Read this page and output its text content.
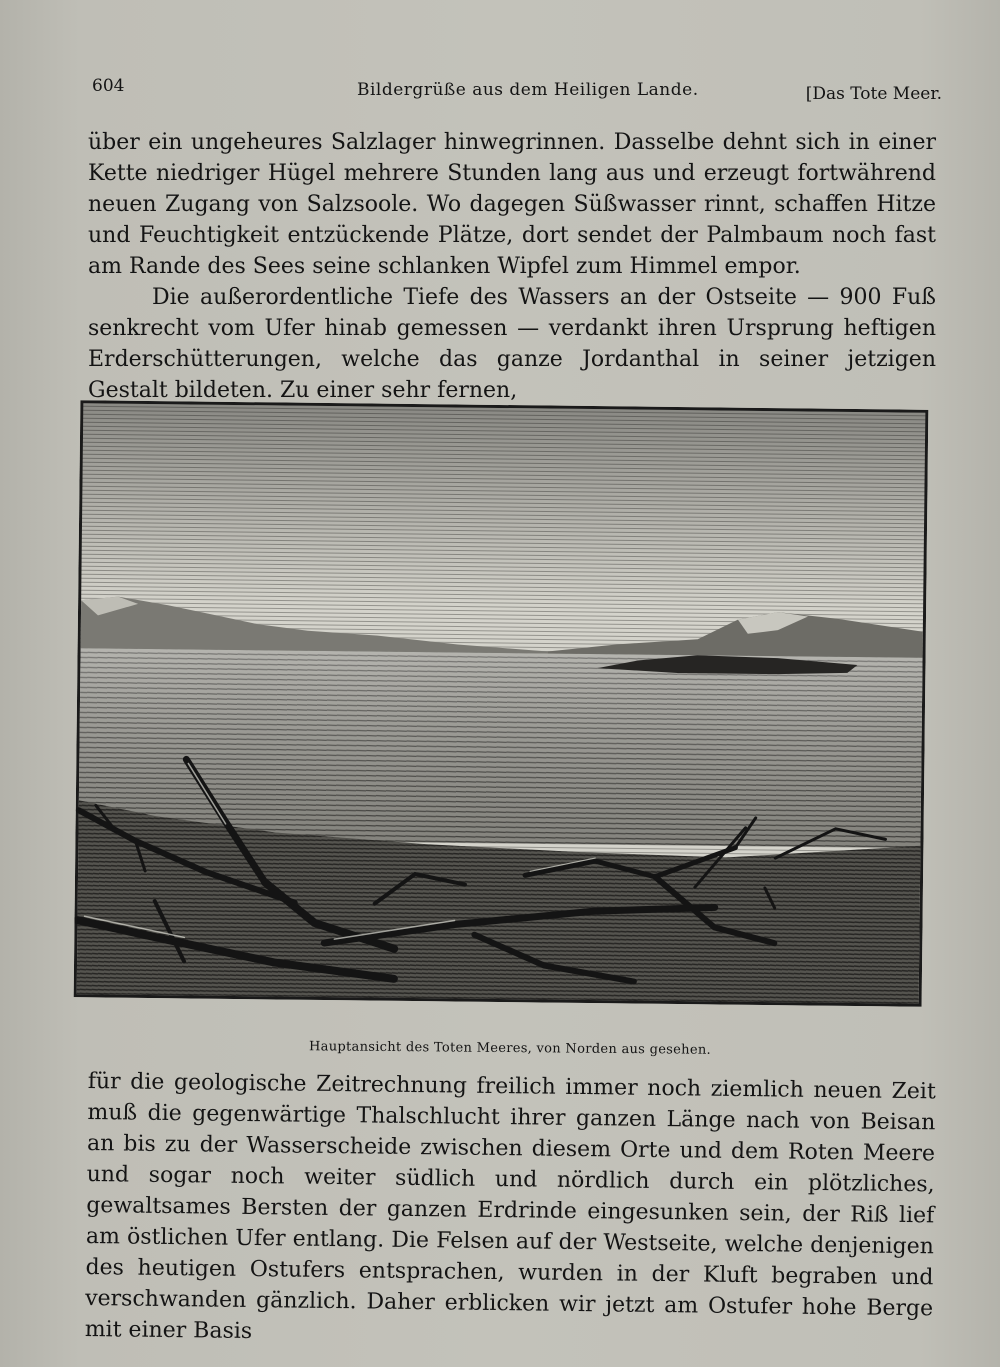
604	Bildergrüße aus dem Heiligen Lande.	[Das Tote Meer.

über ein ungeheures Salzlager hinwegrinnen. Dasselbe dehnt sich in einer Kette niedriger Hügel mehrere Stunden lang aus und erzeugt fortwährend neuen Zugang von Salzsoole. Wo dagegen Süßwasser rinnt, schaffen Hitze und Feuchtigkeit entzückende Plätze, dort sendet der Palmbaum noch fast am Rande des Sees seine schlanken Wipfel zum Himmel empor.

Die außerordentliche Tiefe des Wassers an der Ostseite — 900 Fuß senkrecht vom Ufer hinab gemessen — verdankt ihren Ursprung heftigen Erderschütterungen, welche das ganze Jordanthal in seiner jetzigen Gestalt bildeten. Zu einer sehr fernen,

Hauptansicht des Toten Meeres, von Norden aus gesehen.

für die geologische Zeitrechnung freilich immer noch ziemlich neuen Zeit muß die gegenwärtige Thalschlucht ihrer ganzen Länge nach von Beisan an bis zu der Wasserscheide zwischen diesem Orte und dem Roten Meere und sogar noch weiter südlich und nördlich durch ein plötzliches, gewaltsames Bersten der ganzen Erdrinde eingesunken sein, der Riß lief am östlichen Ufer entlang. Die Felsen auf der Westseite, welche denjenigen des heutigen Ostufers entsprachen, wurden in der Kluft begraben und verschwanden gänzlich. Daher erblicken wir jetzt am Ostufer hohe Berge mit einer Basis
